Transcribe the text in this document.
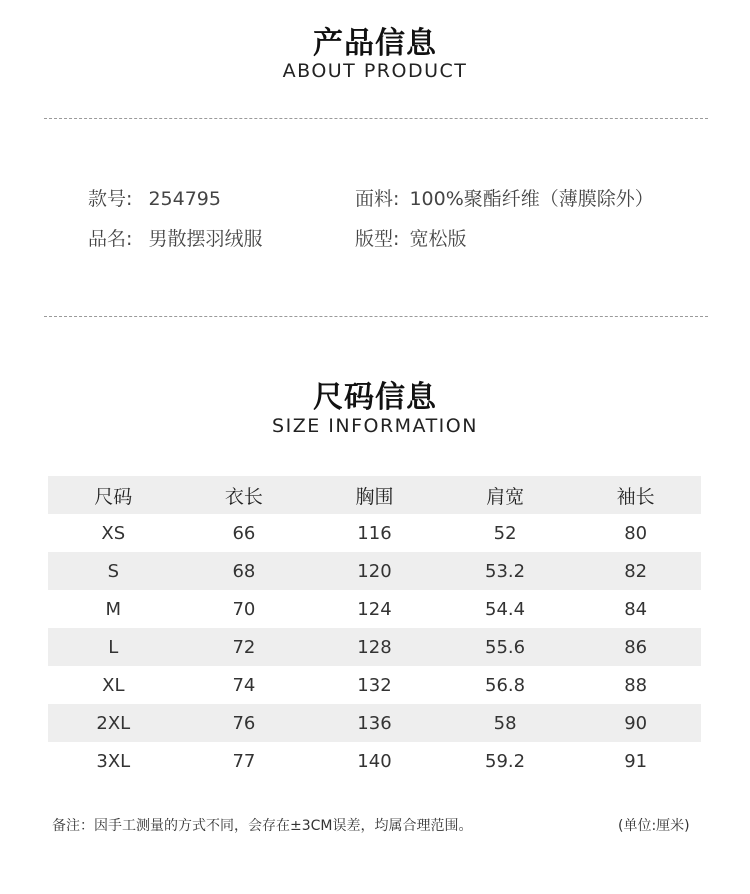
产品信息
ABOUT PRODUCT
款号: 254795	面料: 100%聚酯纤维（薄膜除外）
品名: 男散摆羽绒服	版型: 宽松版
尺码信息
SIZE INFORMATION
尺码	衣长	胸围	肩宽	袖长
XS	66	116	52	80
S	68	120	53.2	82
M	70	124	54.4	84
L	72	128	55.6	86
XL	74	132	56.8	88
2XL	76	136	58	90
3XL	77	140	59.2	91
备注：因手工测量的方式不同，会存在±3CM误差，均属合理范围。	(单位:厘米)
